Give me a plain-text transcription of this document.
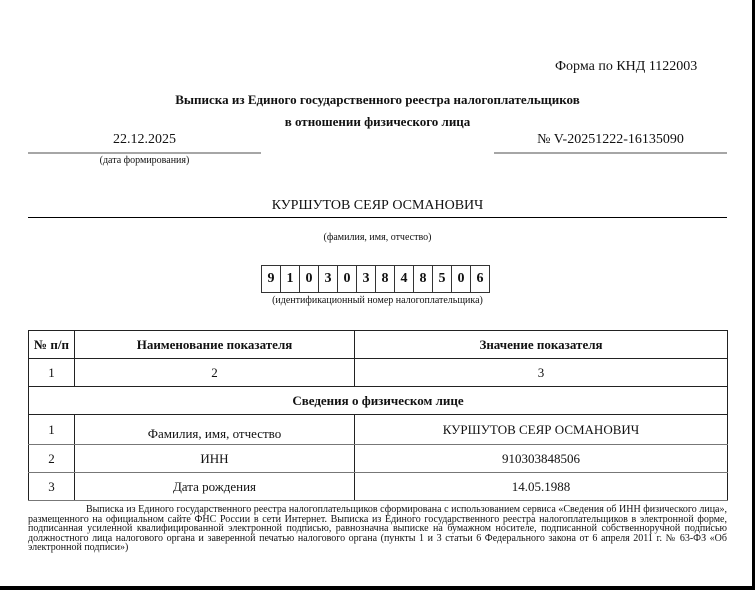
Форма по КНД 1122003
Выписка из Единого государственного реестра налогоплательщиков
в отношении физического лица
22.12.2025
(дата формирования)
№ V-20251222-16135090
КУРШУТОВ СЕЯР ОСМАНОВИЧ
(фамилия, имя, отчество)
9 1 0 3 0 3 8 4 8 5 0 6
(идентификационный номер налогоплательщика)
№ п/п	Наименование показателя	Значение показателя
1	2	3
Сведения о физическом лице		
1	Фамилия, имя, отчество	КУРШУТОВ СЕЯР ОСМАНОВИЧ
2	ИНН	910303848506
3	Дата рождения	14.05.1988
Выписка из Единого государственного реестра налогоплательщиков сформирована с использованием сервиса «Сведения об ИНН физического лица», размещенного на официальном сайте ФНС России в сети Интернет. Выписка из Единого государственного реестра налогоплательщиков в электронной форме, подписанная усиленной квалифицированной электронной подписью, равнозначна выписке на бумажном носителе, подписанной собственноручной подписью должностного лица налогового органа и заверенной печатью налогового органа (пункты 1 и 3 статьи 6 Федерального закона от 6 апреля 2011 г. № 63-ФЗ «Об электронной подписи»)
